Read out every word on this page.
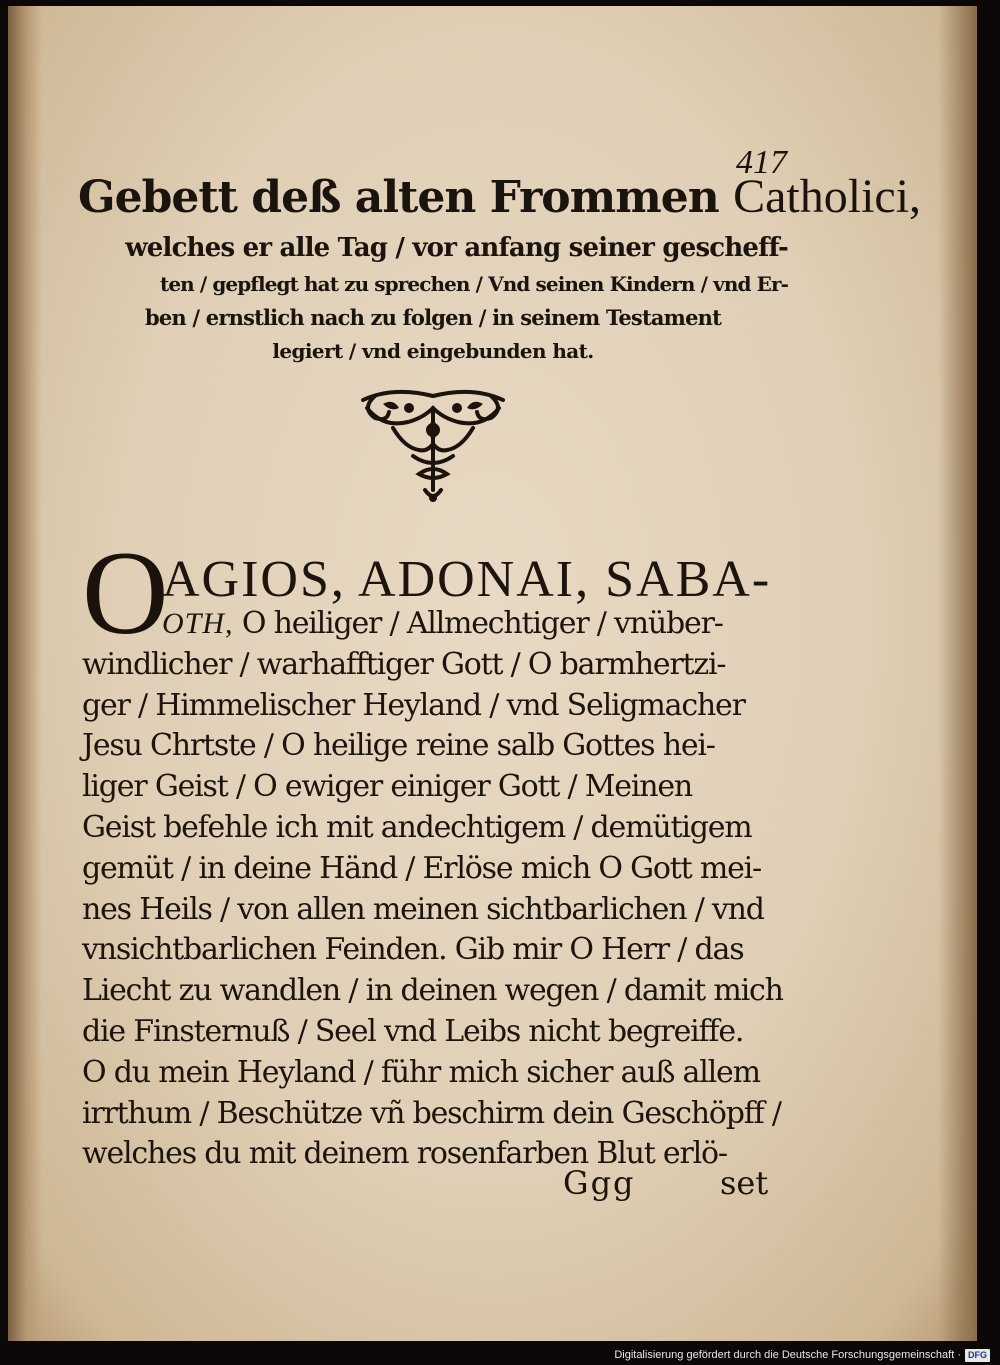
417
Gebett deß alten Frommen Catholici,
welches er alle Tag / vor anfang seiner gescheff-
ten / gepflegt hat zu sprechen / Vnd seinen Kindern / vnd Er-
ben / ernstlich nach zu folgen / in seinem Testament
legiert / vnd eingebunden hat.
O
AGIOS, ADONAI, SABA-
OTH, O heiliger / Allmechtiger / vnüber-
windlicher / warhafftiger Gott / O barmhertzi-
ger / Himmelischer Heyland / vnd Seligmacher
Jesu Chrtste / O heilige reine salb Gottes hei-
liger Geist / O ewiger einiger Gott / Meinen
Geist befehle ich mit andechtigem / demütigem
gemüt / in deine Händ / Erlöse mich O Gott mei-
nes Heils / von allen meinen sichtbarlichen / vnd
vnsichtbarlichen Feinden. Gib mir O Herr / das
Liecht zu wandlen / in deinen wegen / damit mich
die Finsternuß / Seel vnd Leibs nicht begreiffe.
O du mein Heyland / führ mich sicher auß allem
irrthum / Beschütze vñ beschirm dein Geschöpff /
welches du mit deinem rosenfarben Blut erlö-
Ggg	set
Digitalisierung gefördert durch die Deutsche Forschungsgemeinschaft · DFG
